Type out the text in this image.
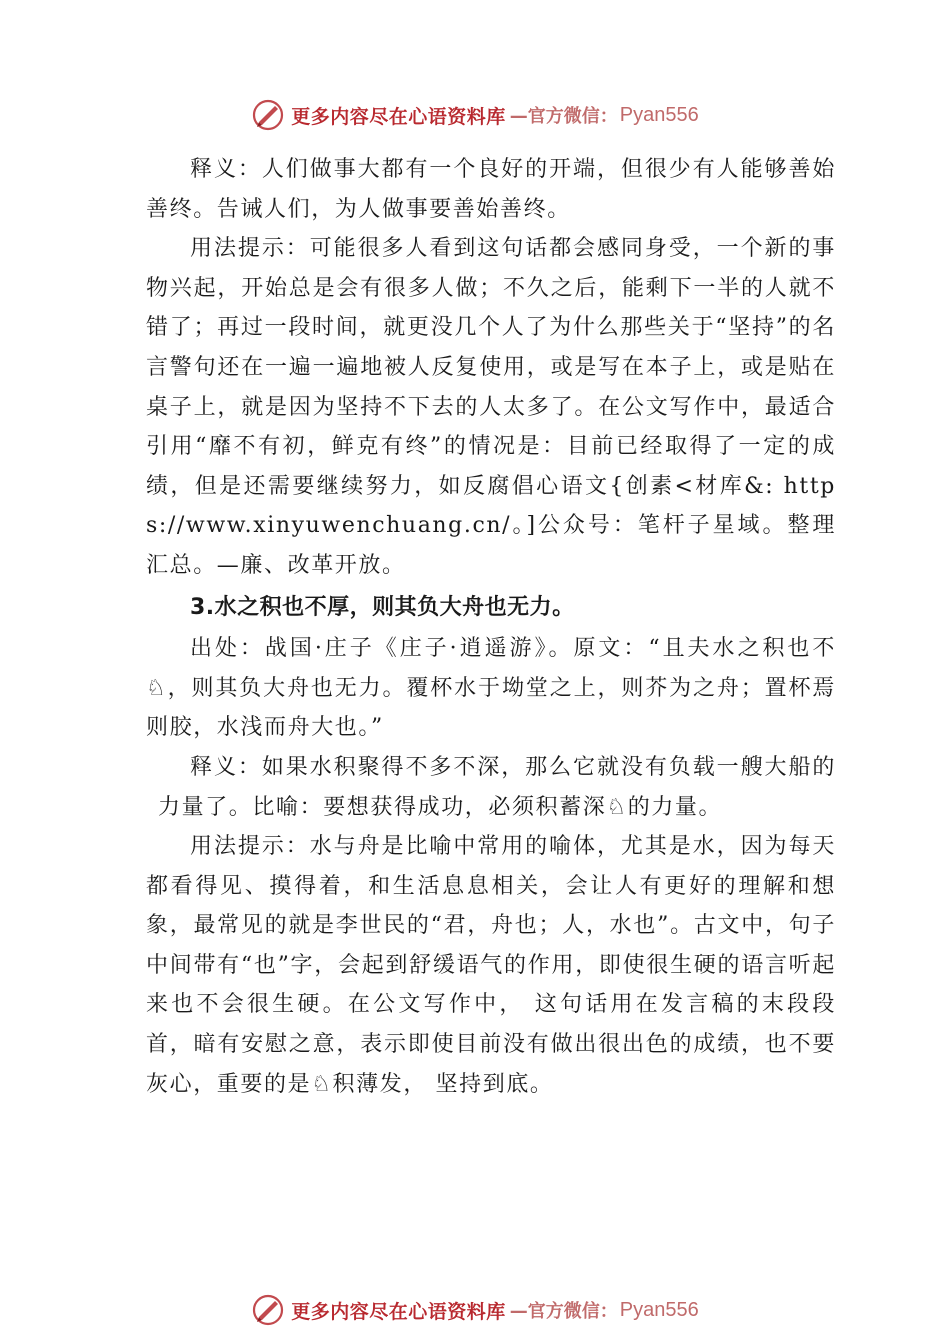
更多内容尽在心语资料库 —官方微信： Pyan556

释义：人们做事大都有一个良好的开端，但很少有人能够善始善终。告诫人们，为人做事要善始善终。

用法提示：可能很多人看到这句话都会感同身受，一个新的事物兴起，开始总是会有很多人做；不久之后，能剩下一半的人就不错了；再过一段时间，就更没几个人了为什么那些关于“坚持”的名言警句还在一遍一遍地被人反复使用，或是写在本子上，或是贴在桌子上，就是因为坚持不下去的人太多了。在公文写作中，最适合引用“靡不有初，鲜克有终”的情况是：目前已经取得了一定的成绩，但是还需要继续努力，如反腐倡心语文{创素<材库&: https://www.xinyuwenchuang.cn/。]公众号：笔杆子星域。整理汇总。—廉、改革开放。

3.水之积也不厚，则其负大舟也无力。

出处：战国·庄子《庄子·逍遥游》。原文：“且夫水之积也不♘，则其负大舟也无力。覆杯水于坳堂之上，则芥为之舟；置杯焉则胶，水浅而舟大也。”

释义：如果水积聚得不多不深，那么它就没有负载一艘大船的力量了。比喻：要想获得成功，必须积蓄深♘的力量。

用法提示：水与舟是比喻中常用的喻体，尤其是水，因为每天都看得见、摸得着，和生活息息相关，会让人有更好的理解和想象，最常见的就是李世民的“君，舟也；人，水也”。古文中，句子中间带有“也”字，会起到舒缓语气的作用，即使很生硬的语言听起来也不会很生硬。在公文写作中， 这句话用在发言稿的末段段首，暗有安慰之意，表示即使目前没有做出很出色的成绩，也不要灰心，重要的是♘积薄发， 坚持到底。

更多内容尽在心语资料库 —官方微信： Pyan556
